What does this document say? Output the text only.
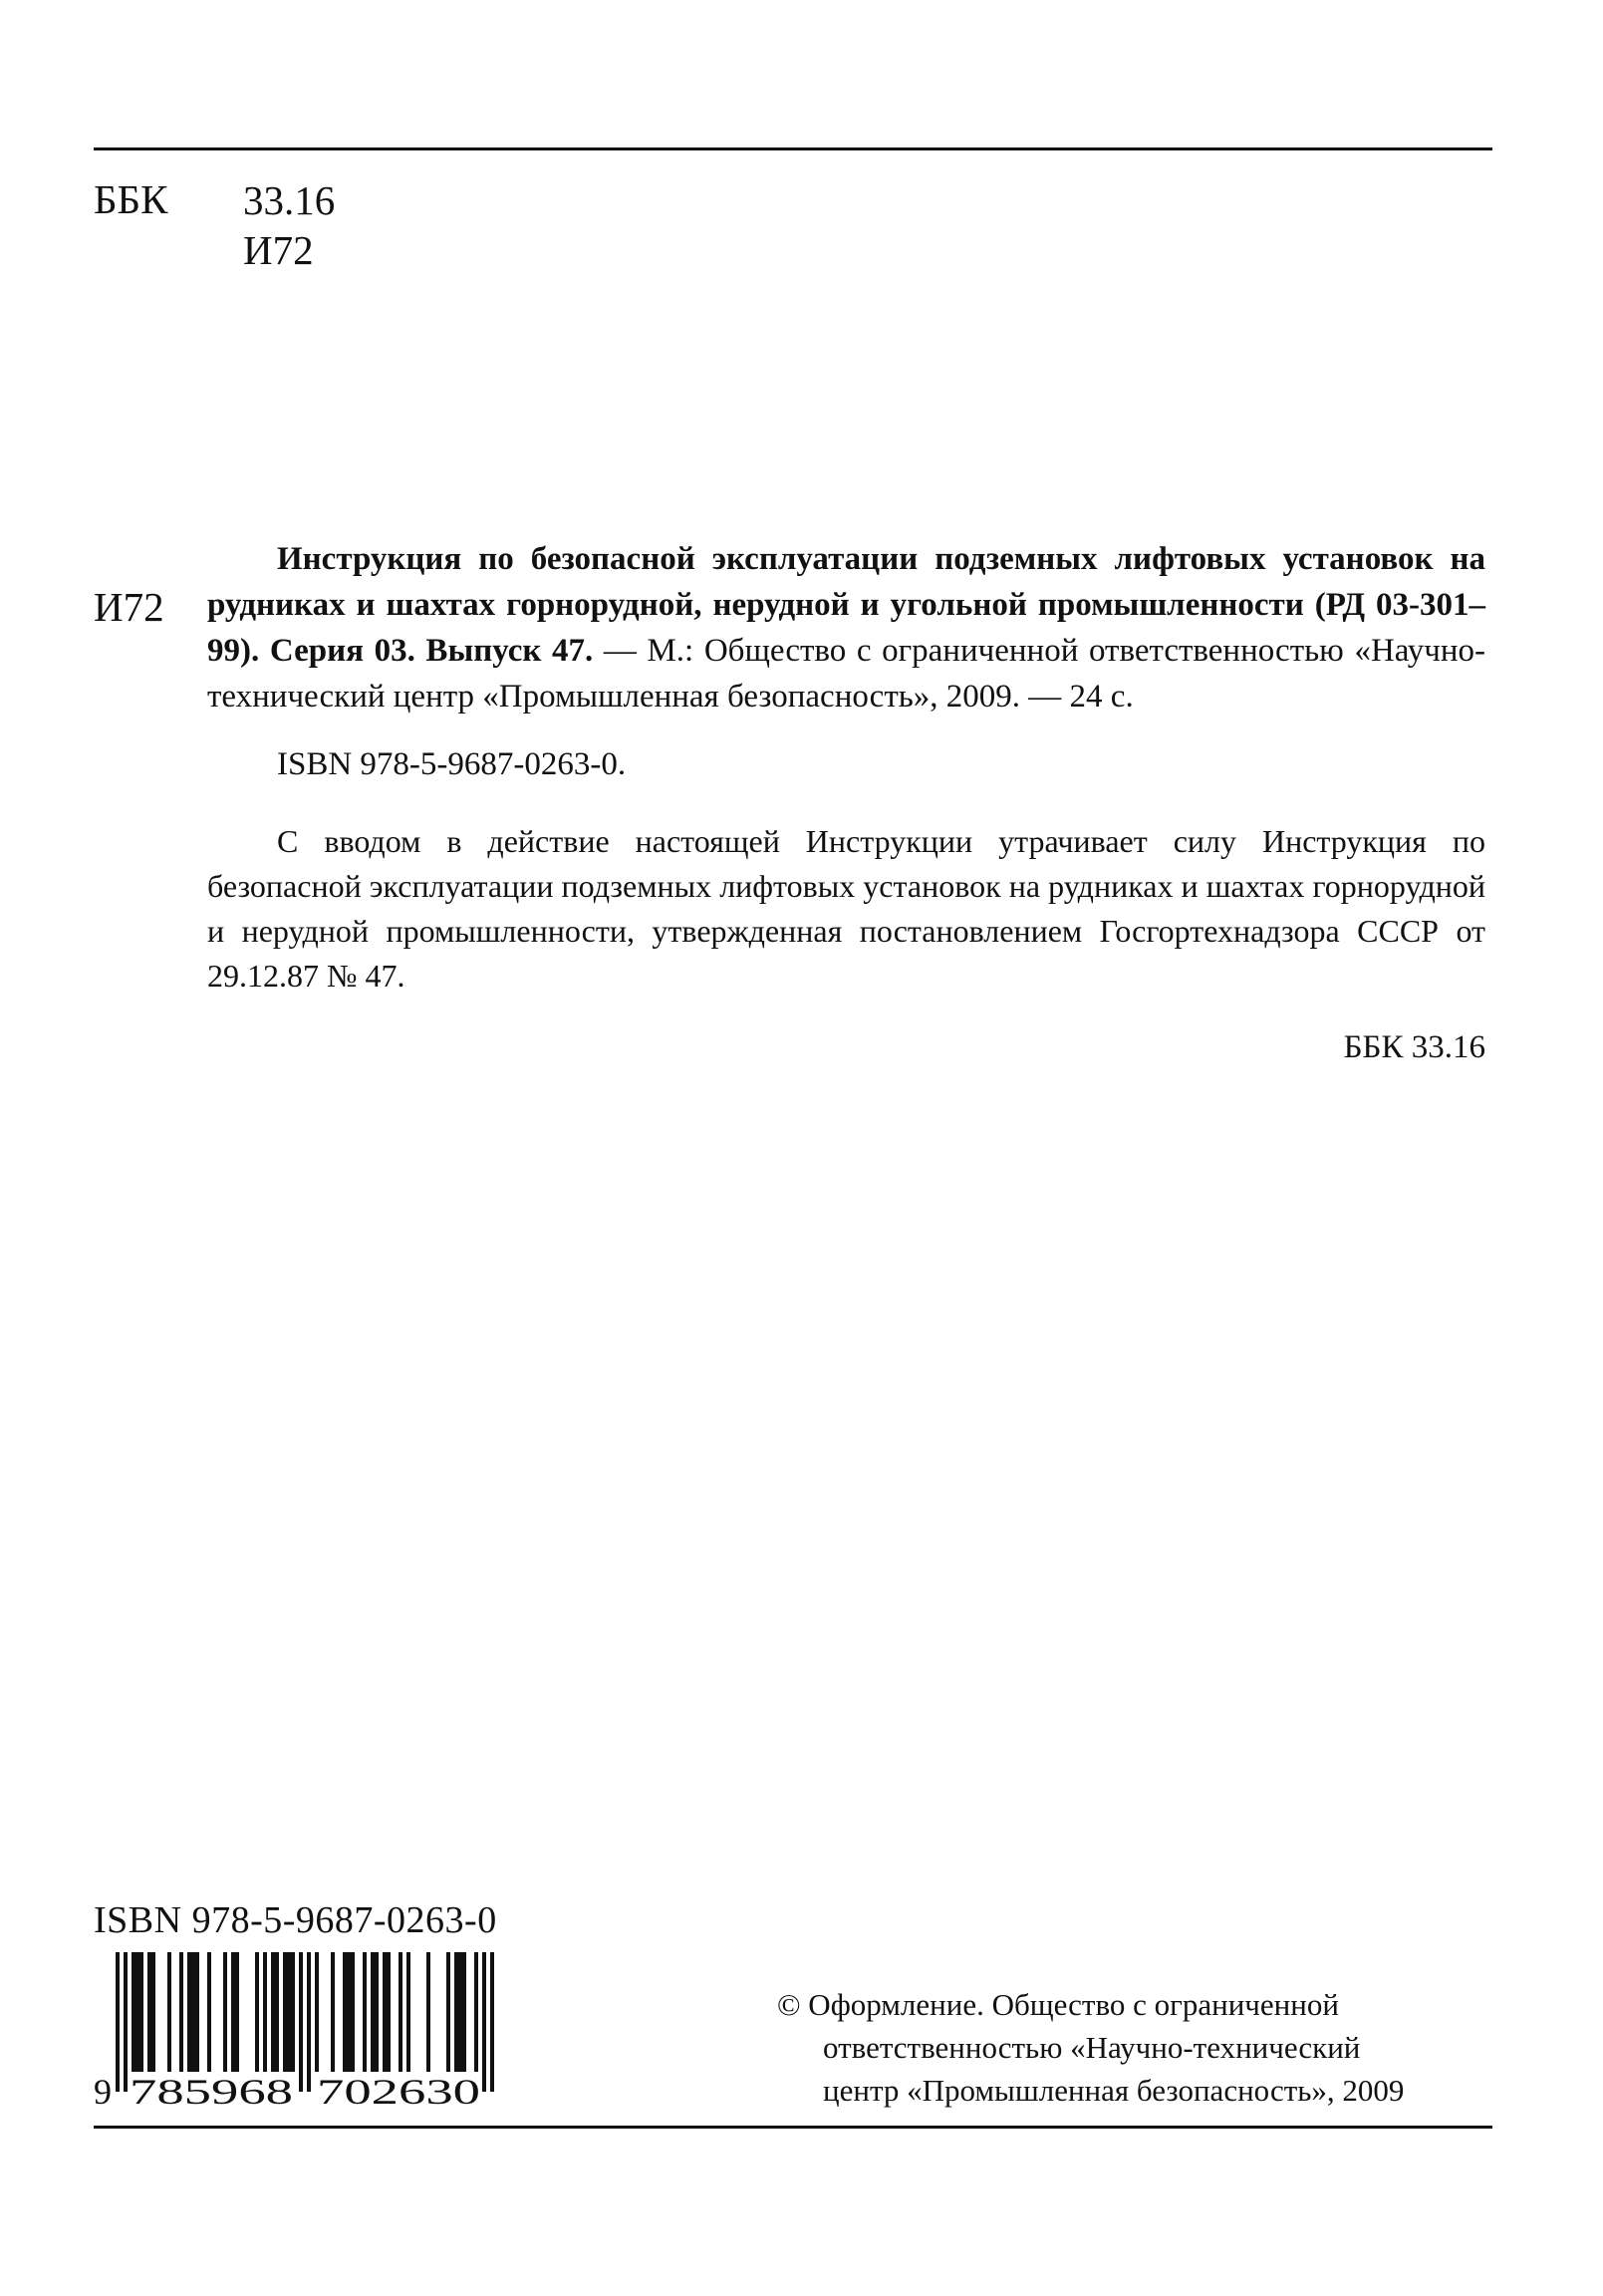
ББК 33.16
И72
И72

Инструкция по безопасной эксплуатации подземных лифтовых установок на рудниках и шахтах горнорудной, нерудной и угольной промышленности (РД 03-301–99). Серия 03. Выпуск 47. — М.: Общество с ограниченной ответственностью «Научно-технический центр «Промышленная безопасность», 2009. — 24 с.

ISBN 978-5-9687-0263-0.

С вводом в действие настоящей Инструкции утрачивает силу Инструкция по безопасной эксплуатации подземных лифтовых установок на рудниках и шахтах горнорудной и нерудной промышленности, утвержденная постановлением Госгортехнадзора СССР от 29.12.87 № 47.

ББК 33.16
ISBN 978-5-9687-0263-0
9 785968 702630
© Оформление. Общество с ограниченной
ответственностью «Научно-технический
центр «Промышленная безопасность», 2009
